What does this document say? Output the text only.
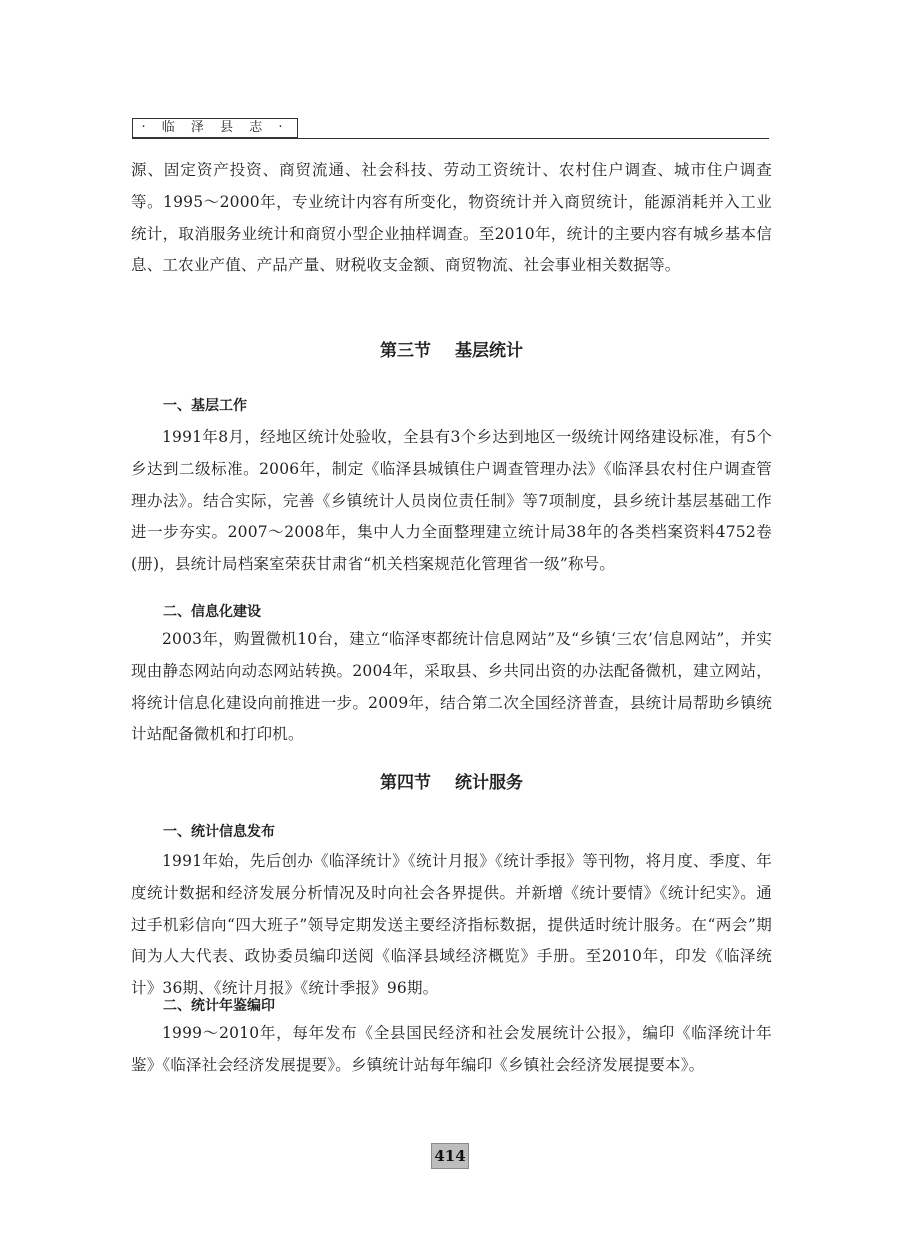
· 临 泽 县 志 ·

源、固定资产投资、商贸流通、社会科技、劳动工资统计、农村住户调查、城市住户调查等。1995～2000年，专业统计内容有所变化，物资统计并入商贸统计，能源消耗并入工业统计，取消服务业统计和商贸小型企业抽样调查。至2010年，统计的主要内容有城乡基本信息、工农业产值、产品产量、财税收支金额、商贸物流、社会事业相关数据等。

第三节 基层统计
一、基层工作

1991年8月，经地区统计处验收，全县有3个乡达到地区一级统计网络建设标准，有5个乡达到二级标准。2006年，制定《临泽县城镇住户调查管理办法》《临泽县农村住户调查管理办法》。结合实际，完善《乡镇统计人员岗位责任制》等7项制度，县乡统计基层基础工作进一步夯实。2007～2008年，集中人力全面整理建立统计局38年的各类档案资料4752卷(册)，县统计局档案室荣获甘肃省“机关档案规范化管理省一级”称号。

二、信息化建设

2003年，购置微机10台，建立“临泽枣都统计信息网站”及“乡镇‘三农’信息网站”，并实现由静态网站向动态网站转换。2004年，采取县、乡共同出资的办法配备微机，建立网站，将统计信息化建设向前推进一步。2009年，结合第二次全国经济普查，县统计局帮助乡镇统计站配备微机和打印机。

第四节 统计服务
一、统计信息发布

1991年始，先后创办《临泽统计》《统计月报》《统计季报》等刊物，将月度、季度、年度统计数据和经济发展分析情况及时向社会各界提供。并新增《统计要情》《统计纪实》。通过手机彩信向“四大班子”领导定期发送主要经济指标数据，提供适时统计服务。在“两会”期间为人大代表、政协委员编印送阅《临泽县域经济概览》手册。至2010年，印发《临泽统计》36期、《统计月报》《统计季报》96期。

二、统计年鉴编印

1999～2010年，每年发布《全县国民经济和社会发展统计公报》，编印《临泽统计年鉴》《临泽社会经济发展提要》。乡镇统计站每年编印《乡镇社会经济发展提要本》。

414
